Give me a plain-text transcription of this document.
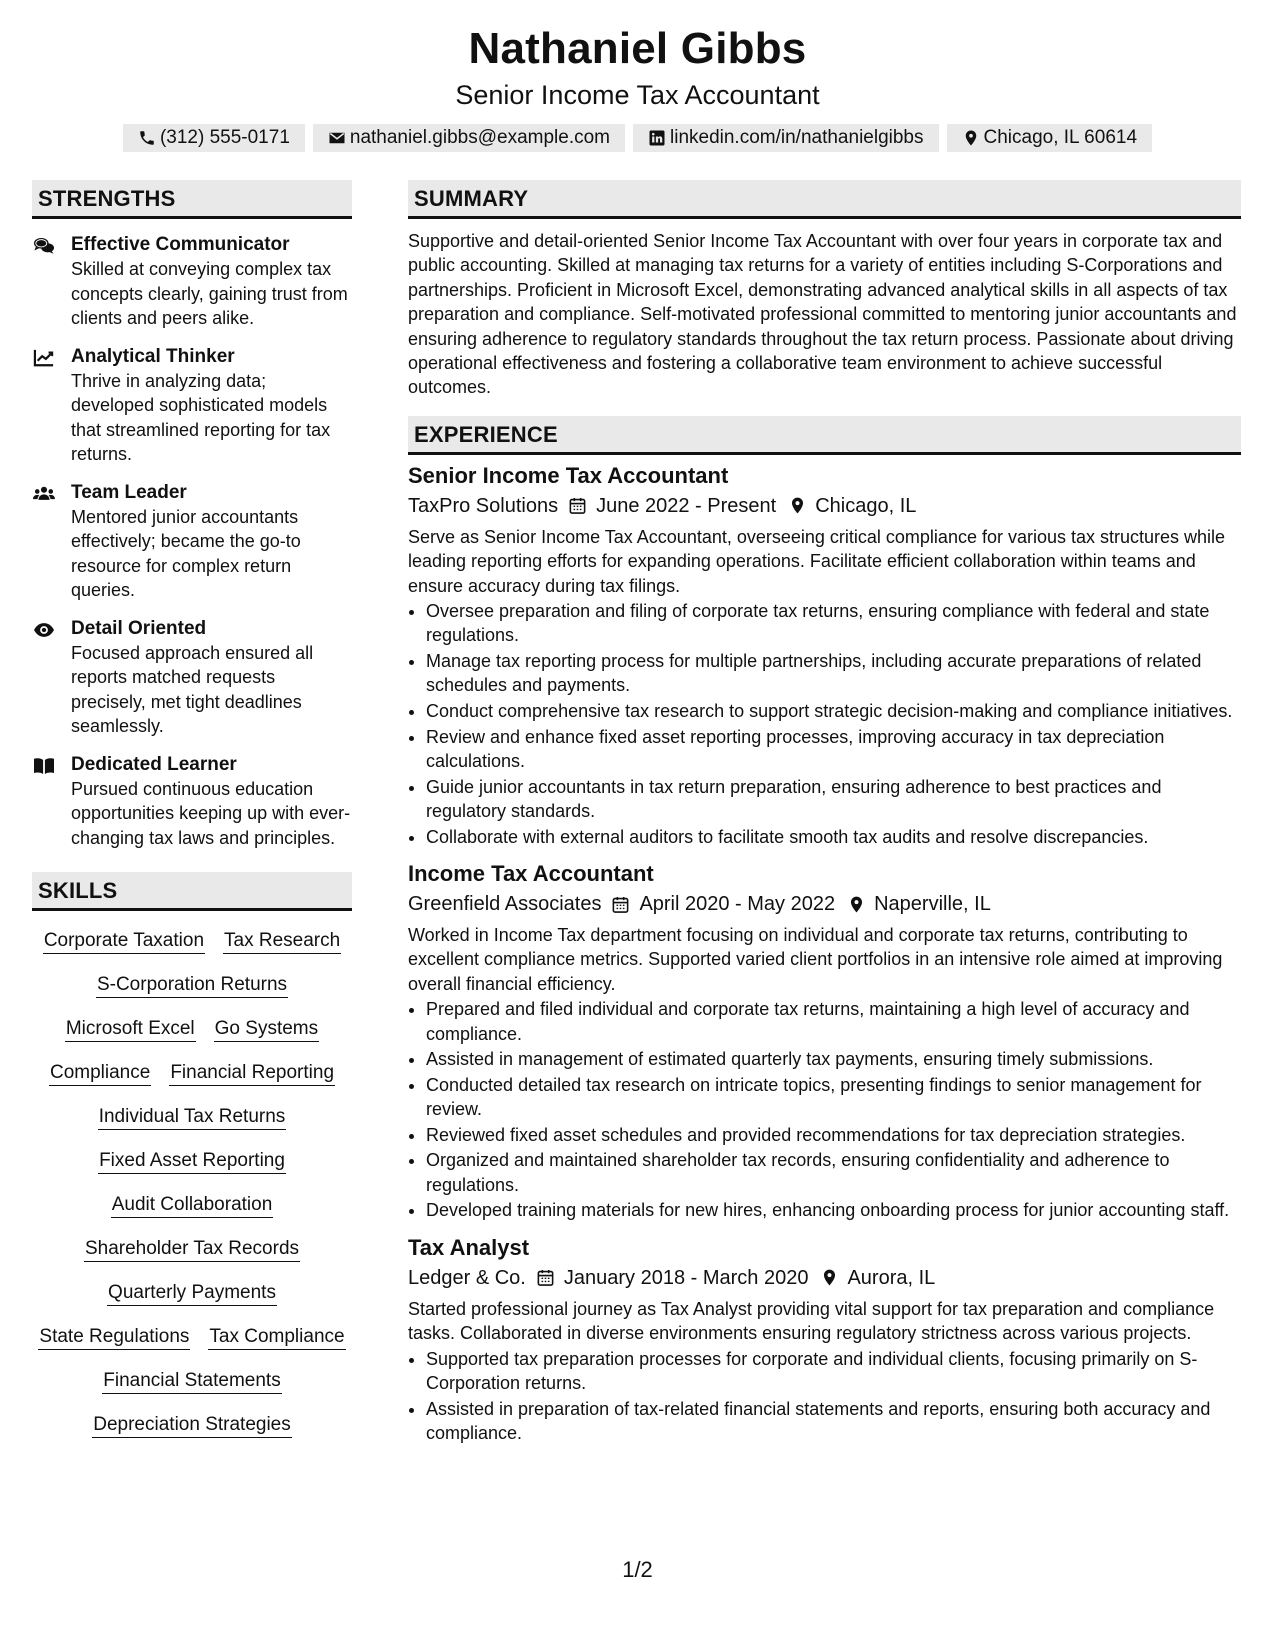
Nathaniel Gibbs
Senior Income Tax Accountant
(312) 555-0171	nathaniel.gibbs@example.com	linkedin.com/in/nathanielgibbs	Chicago, IL 60614
STRENGTHS
Effective Communicator
Skilled at conveying complex tax concepts clearly, gaining trust from clients and peers alike.
Analytical Thinker
Thrive in analyzing data; developed sophisticated models that streamlined reporting for tax returns.
Team Leader
Mentored junior accountants effectively; became the go-to resource for complex return queries.
Detail Oriented
Focused approach ensured all reports matched requests precisely, met tight deadlines seamlessly.
Dedicated Learner
Pursued continuous education opportunities keeping up with ever-changing tax laws and principles.
SKILLS
Corporate Taxation Tax Research
S-Corporation Returns
Microsoft Excel Go Systems
Compliance Financial Reporting
Individual Tax Returns
Fixed Asset Reporting
Audit Collaboration
Shareholder Tax Records
Quarterly Payments
State Regulations Tax Compliance
Financial Statements
Depreciation Strategies
SUMMARY
Supportive and detail-oriented Senior Income Tax Accountant with over four years in corporate tax and public accounting. Skilled at managing tax returns for a variety of entities including S-Corporations and partnerships. Proficient in Microsoft Excel, demonstrating advanced analytical skills in all aspects of tax preparation and compliance. Self-motivated professional committed to mentoring junior accountants and ensuring adherence to regulatory standards throughout the tax return process. Passionate about driving operational effectiveness and fostering a collaborative team environment to achieve successful outcomes.
EXPERIENCE
Senior Income Tax Accountant
TaxPro Solutions June 2022 - Present Chicago, IL
Serve as Senior Income Tax Accountant, overseeing critical compliance for various tax structures while leading reporting efforts for expanding operations. Facilitate efficient collaboration within teams and ensure accuracy during tax filings.
• Oversee preparation and filing of corporate tax returns, ensuring compliance with federal and state regulations.
• Manage tax reporting process for multiple partnerships, including accurate preparations of related schedules and payments.
• Conduct comprehensive tax research to support strategic decision-making and compliance initiatives.
• Review and enhance fixed asset reporting processes, improving accuracy in tax depreciation calculations.
• Guide junior accountants in tax return preparation, ensuring adherence to best practices and regulatory standards.
• Collaborate with external auditors to facilitate smooth tax audits and resolve discrepancies.
Income Tax Accountant
Greenfield Associates April 2020 - May 2022 Naperville, IL
Worked in Income Tax department focusing on individual and corporate tax returns, contributing to excellent compliance metrics. Supported varied client portfolios in an intensive role aimed at improving overall financial efficiency.
• Prepared and filed individual and corporate tax returns, maintaining a high level of accuracy and compliance.
• Assisted in management of estimated quarterly tax payments, ensuring timely submissions.
• Conducted detailed tax research on intricate topics, presenting findings to senior management for review.
• Reviewed fixed asset schedules and provided recommendations for tax depreciation strategies.
• Organized and maintained shareholder tax records, ensuring confidentiality and adherence to regulations.
• Developed training materials for new hires, enhancing onboarding process for junior accounting staff.
Tax Analyst
Ledger & Co. January 2018 - March 2020 Aurora, IL
Started professional journey as Tax Analyst providing vital support for tax preparation and compliance tasks. Collaborated in diverse environments ensuring regulatory strictness across various projects.
• Supported tax preparation processes for corporate and individual clients, focusing primarily on S-Corporation returns.
• Assisted in preparation of tax-related financial statements and reports, ensuring both accuracy and compliance.
1/2
